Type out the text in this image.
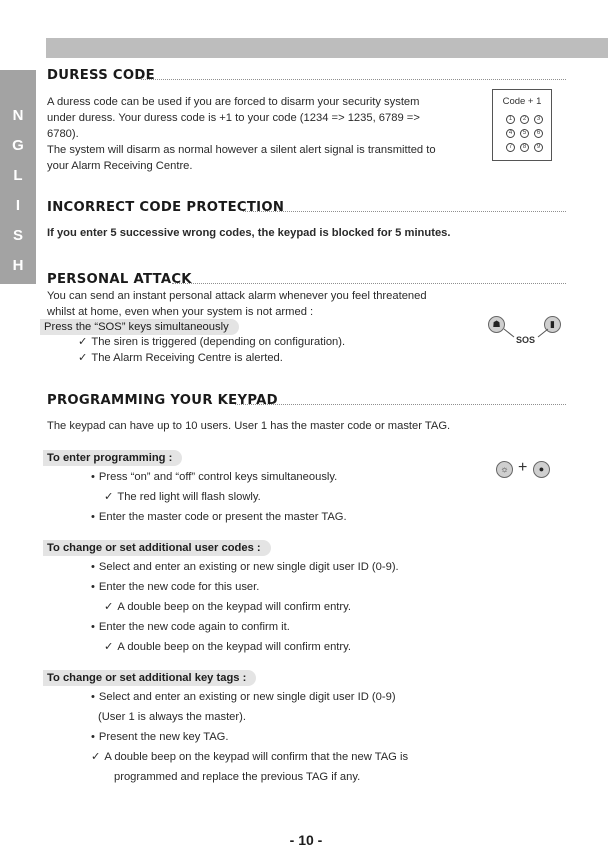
N
G
L
I
S
H
DURESS CODE
A duress code can be used if you are forced to disarm your security system
under duress. Your duress code is +1 to your code (1234 => 1235, 6789 =>
6780).
The system will disarm as normal however a silent alert signal is transmitted to
your Alarm Receiving Centre.
Code + 1
1	2	3
4	5	6
7	8	9
INCORRECT CODE PROTECTION
If you enter 5 successive wrong codes, the keypad is blocked for 5 minutes.
PERSONAL ATTACK
You can send an instant personal attack alarm whenever you feel threatened
whilst at home, even when your system is not armed :
Press the “SOS” keys simultaneously
✓ The siren is triggered (depending on configuration).
✓ The Alarm Receiving Centre is alerted.
☗	▮
SOS
PROGRAMMING YOUR KEYPAD
The keypad can have up to 10 users. User 1 has the master code or master TAG.
To enter programming :
• Press “on” and “off” control keys simultaneously.
✓ The red light will flash slowly.
• Enter the master code or present the master TAG.
☼ +	●
To change or set additional user codes :
• Select and enter an existing or new single digit user ID (0-9).
• Enter the new code for this user.
✓ A double beep on the keypad will confirm entry.
• Enter the new code again to confirm it.
✓ A double beep on the keypad will confirm entry.
To change or set additional key tags :
• Select and enter an existing or new single digit user ID (0-9)
(User 1 is always the master).
• Present the new key TAG.
✓ A double beep on the keypad will confirm that the new TAG is
programmed and replace the previous TAG if any.
- 10 -
